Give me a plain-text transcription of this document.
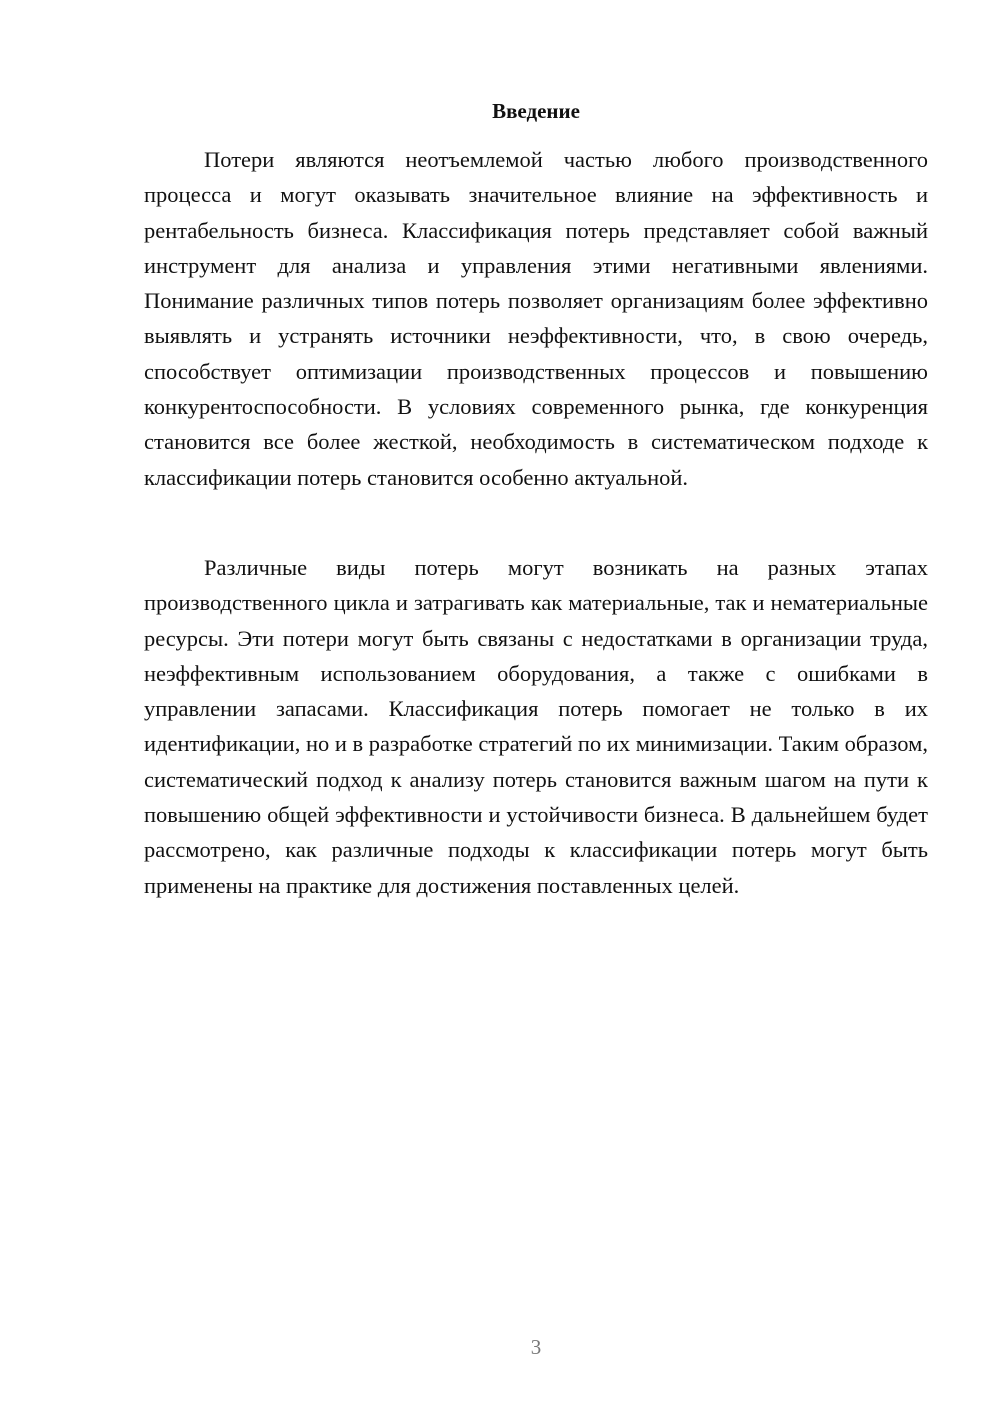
Введение

Потери являются неотъемлемой частью любого производственного процесса и могут оказывать значительное влияние на эффективность и рентабельность бизнеса. Классификация потерь представляет собой важный инструмент для анализа и управления этими негативными явлениями. Понимание различных типов потерь позволяет организациям более эффективно выявлять и устранять источники неэффективности, что, в свою очередь, способствует оптимизации производственных процессов и повышению конкурентоспособности. В условиях современного рынка, где конкуренция становится все более жесткой, необходимость в систематическом подходе к классификации потерь становится особенно актуальной.

Различные виды потерь могут возникать на разных этапах производственного цикла и затрагивать как материальные, так и нематериальные ресурсы. Эти потери могут быть связаны с недостатками в организации труда, неэффективным использованием оборудования, а также с ошибками в управлении запасами. Классификация потерь помогает не только в их идентификации, но и в разработке стратегий по их минимизации. Таким образом, систематический подход к анализу потерь становится важным шагом на пути к повышению общей эффективности и устойчивости бизнеса. В дальнейшем будет рассмотрено, как различные подходы к классификации потерь могут быть применены на практике для достижения поставленных целей.

3
